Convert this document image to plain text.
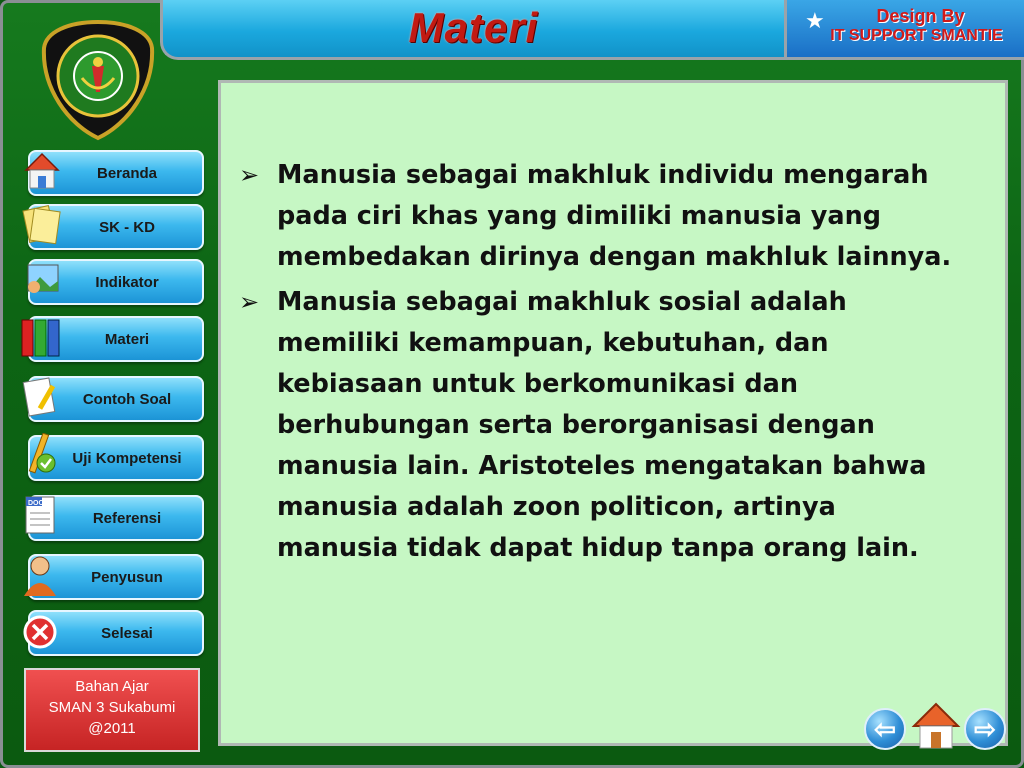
Materi	★	Design By
IT SUPPORT SMANTIE
Beranda
SK - KD
Indikator
Materi
Contoh Soal
Uji Kompetensi
DOC
Referensi
Penyusun
Selesai
Bahan Ajar
SMAN 3 Sukabumi
@2011
➢ Manusia sebagai makhluk individu mengarah pada ciri khas yang dimiliki manusia yang membedakan dirinya dengan makhluk lainnya.
➢ Manusia sebagai makhluk sosial adalah memiliki kemampuan, kebutuhan, dan kebiasaan untuk berkomunikasi dan berhubungan serta berorganisasi dengan manusia lain. Aristoteles mengatakan bahwa manusia adalah zoon politicon, artinya manusia tidak dapat hidup tanpa orang lain.
⇦	⇨
